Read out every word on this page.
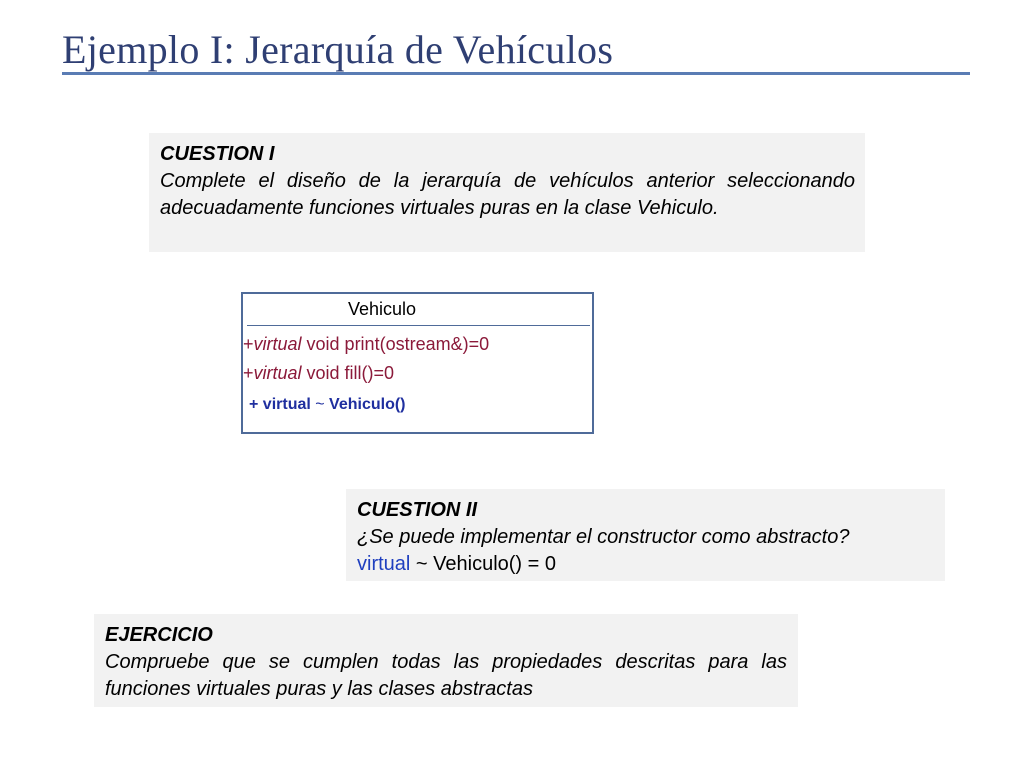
Ejemplo I: Jerarquía de Vehículos
CUESTION I
Complete el diseño de la jerarquía de vehículos anterior seleccionando adecuadamente funciones virtuales puras en la clase Vehiculo.
Vehiculo
+virtual void print(ostream&)=0
+virtual void fill()=0
+ virtual ~ Vehiculo()
CUESTION II
¿Se puede implementar el constructor como abstracto?
virtual ~ Vehiculo() = 0
EJERCICIO
Compruebe que se cumplen todas las propiedades descritas para las funciones virtuales puras y las clases abstractas
